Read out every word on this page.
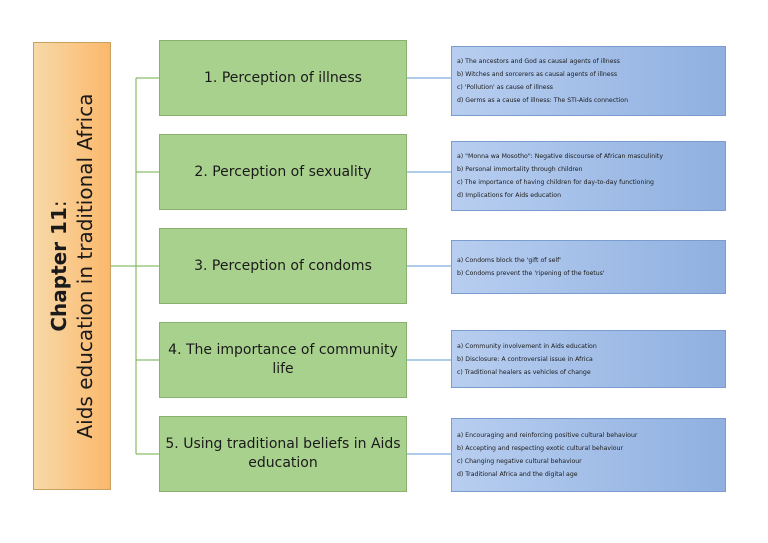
Chapter 11: Aids education in traditional Africa
1. Perception of illness
2. Perception of sexuality
3. Perception of condoms
4. The importance of community life
5. Using traditional beliefs in Aids education
a) The ancestors and God as causal agents of illness
b) Witches and sorcerers as causal agents of illness
c) 'Pollution' as cause of illness
d) Germs as a cause of illness: The STI-Aids connection
a) "Monna wa Mosotho": Negative discourse of African masculinity
b) Personal immortality through children
c) The importance of having children for day-to-day functioning
d) Implications for Aids education
a) Condoms block the 'gift of self'
b) Condoms prevent the 'ripening of the foetus'
a) Community involvement in Aids education
b) Disclosure: A controversial issue in Africa
c) Traditional healers as vehicles of change
a) Encouraging and reinforcing positive cultural behaviour
b) Accepting and respecting exotic cultural behaviour
c) Changing negative cultural behaviour
d) Traditional Africa and the digital age
